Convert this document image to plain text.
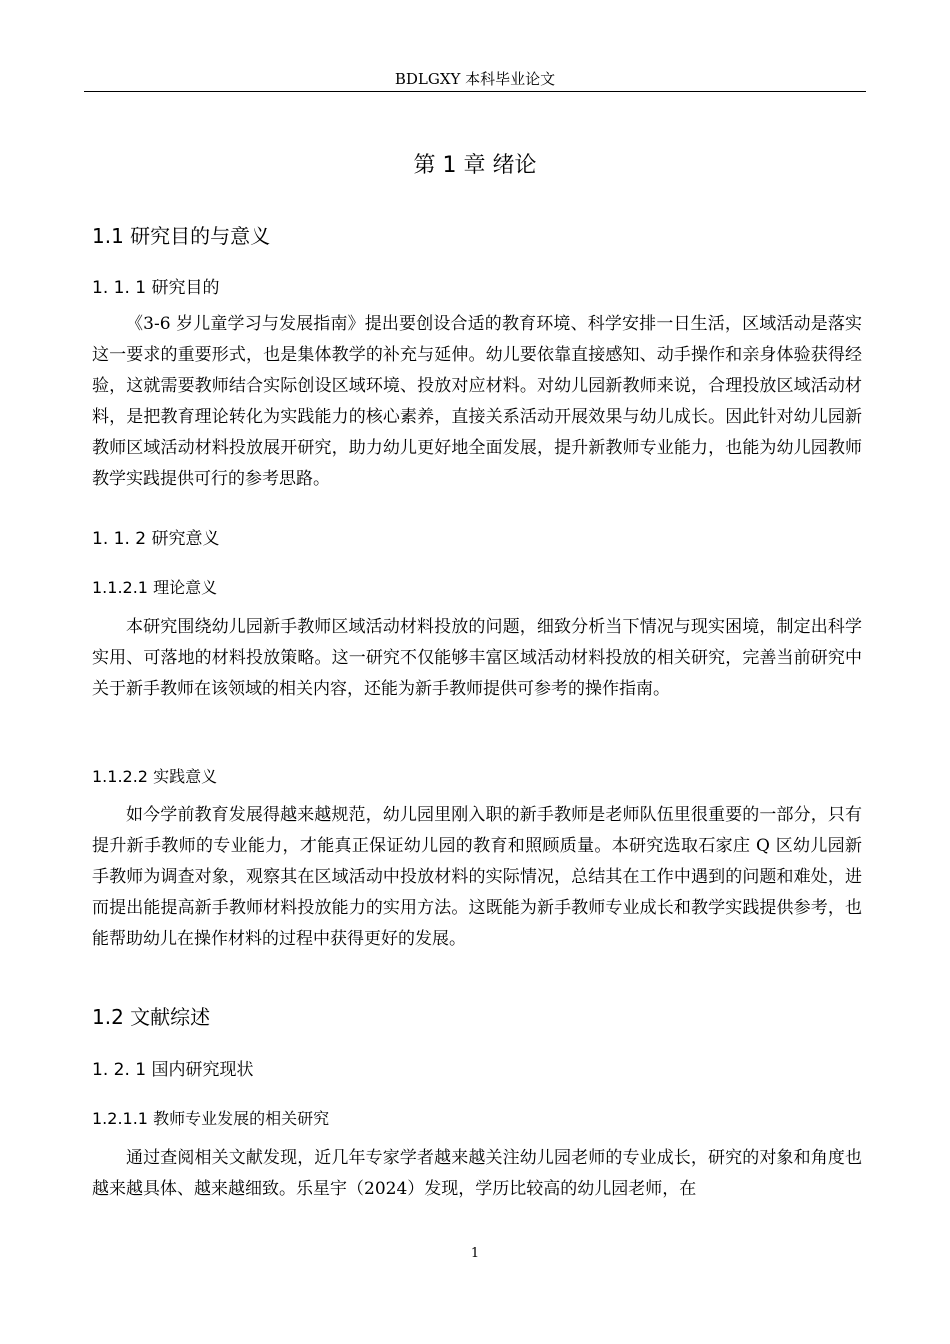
BDLGXY 本科毕业论文
第 1 章 绪论
1.1 研究目的与意义
1. 1. 1 研究目的

《3-6 岁儿童学习与发展指南》提出要创设合适的教育环境、科学安排一日生活，区域活动是落实这一要求的重要形式，也是集体教学的补充与延伸。幼儿要依靠直接感知、动手操作和亲身体验获得经验，这就需要教师结合实际创设区域环境、投放对应材料。对幼儿园新教师来说，合理投放区域活动材料，是把教育理论转化为实践能力的核心素养，直接关系活动开展效果与幼儿成长。因此针对幼儿园新教师区域活动材料投放展开研究，助力幼儿更好地全面发展，提升新教师专业能力，也能为幼儿园教师教学实践提供可行的参考思路。

1. 1. 2 研究意义
1.1.2.1 理论意义

本研究围绕幼儿园新手教师区域活动材料投放的问题，细致分析当下情况与现实困境，制定出科学实用、可落地的材料投放策略。这一研究不仅能够丰富区域活动材料投放的相关研究，完善当前研究中关于新手教师在该领域的相关内容，还能为新手教师提供可参考的操作指南。

1.1.2.2 实践意义

如今学前教育发展得越来越规范，幼儿园里刚入职的新手教师是老师队伍里很重要的一部分，只有提升新手教师的专业能力，才能真正保证幼儿园的教育和照顾质量。本研究选取石家庄 Q 区幼儿园新手教师为调查对象，观察其在区域活动中投放材料的实际情况，总结其在工作中遇到的问题和难处，进而提出能提高新手教师材料投放能力的实用方法。这既能为新手教师专业成长和教学实践提供参考，也能帮助幼儿在操作材料的过程中获得更好的发展。

1.2 文献综述
1. 2. 1 国内研究现状
1.2.1.1 教师专业发展的相关研究

通过查阅相关文献发现，近几年专家学者越来越关注幼儿园老师的专业成长，研究的对象和角度也越来越具体、越来越细致。乐星宇（2024）发现，学历比较高的幼儿园老师，在

1
